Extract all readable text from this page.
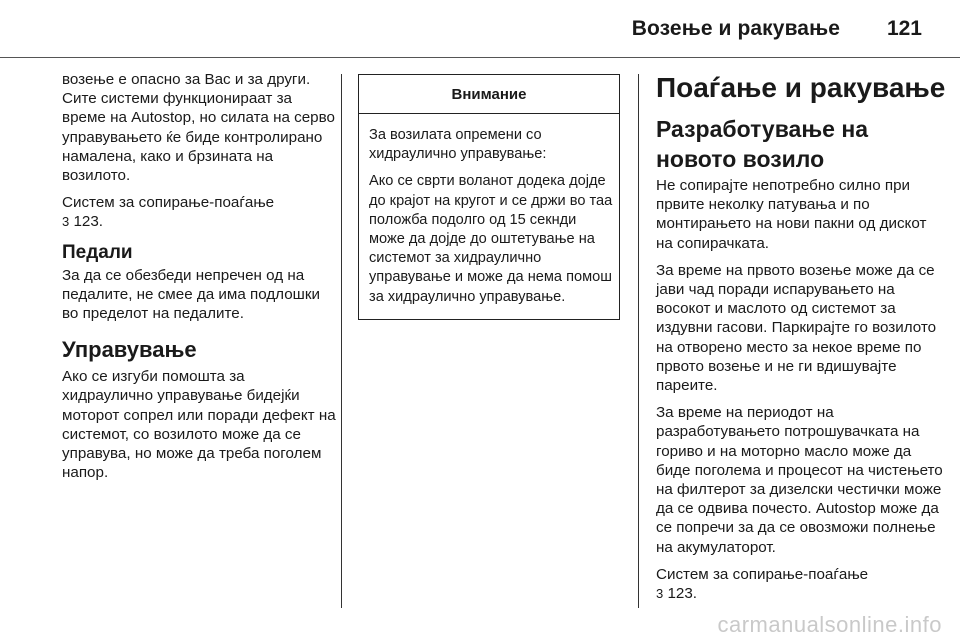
Возење и ракување 121

возење е опасно за Вас и за други. Сите системи функционираат за време на Autostop, но силата на серво управувањето ќе биде контролирано намалена, како и брзината на возилото.

Систем за сопирање-поаѓање
3 123.

Педали

За да се обезбеди непречен од на педалите, не смее да има подлошки во пределот на педалите.

Управување

Ако се изгуби помошта за хидраулично управување бидејќи моторот сопрел или поради дефект на системот, со возилото може да се управува, но може да треба поголем напор.

Внимание

За возилата опремени со хидраулично управување:

Ако се сврти воланот додека дојде до крајот на кругот и се држи во таа положба подолго од 15 секнди може да дојде до оштетување на системот за хидраулично управување и може да нема помош за хидраулично управување.

Поаѓање и ракување
Разработување на новото возило

Не сопирајте непотребно силно при првите неколку патувања и по монтирањето на нови пакни од дискот на сопирачката.

За време на првото возење може да се јави чад поради испарувањето на восокот и маслото од системот за издувни гасови. Паркирајте го возилото на отворено место за некое време по првото возење и не ги вдишувајте пареите.

За време на периодот на разработувањето потрошувачката на гориво и на моторно масло може да биде поголема и процесот на чистењето на филтерот за дизелски честички може да се одвива почесто. Autostop може да се попречи за да се овозможи полнење на акумулаторот.

Систем за сопирање-поаѓање
3 123.

carmanualsonline.info
